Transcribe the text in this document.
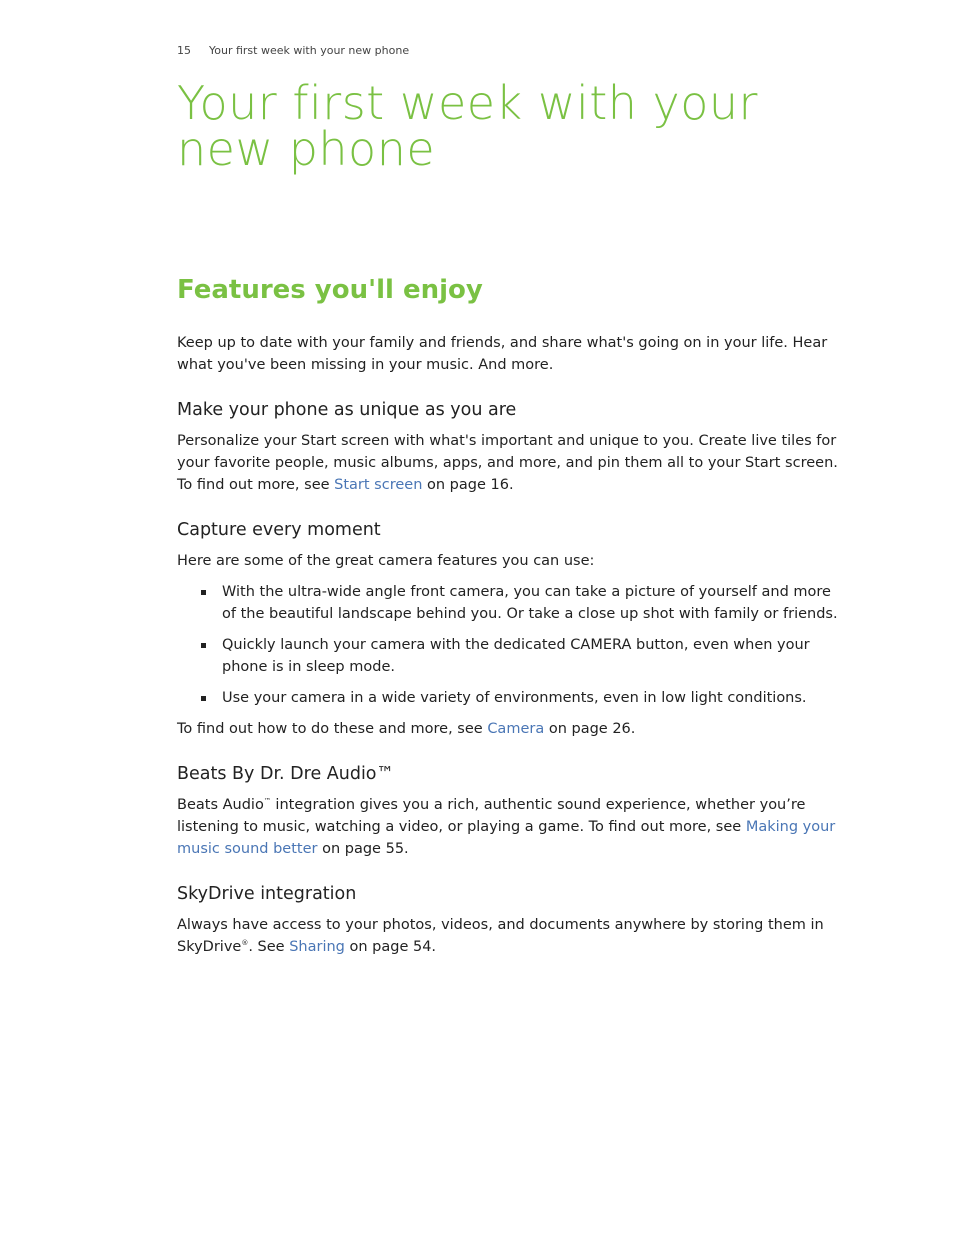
15 Your first week with your new phone
Your first week with your new phone
Features you'll enjoy

Keep up to date with your family and friends, and share what's going on in your life. Hear what you've been missing in your music. And more.

Make your phone as unique as you are

Personalize your Start screen with what's important and unique to you. Create live tiles for your favorite people, music albums, apps, and more, and pin them all to your Start screen. To find out more, see Start screen on page 16.

Capture every moment

Here are some of the great camera features you can use:

With the ultra-wide angle front camera, you can take a picture of yourself and more of the beautiful landscape behind you. Or take a close up shot with family or friends.
Quickly launch your camera with the dedicated CAMERA button, even when your phone is in sleep mode.
Use your camera in a wide variety of environments, even in low light conditions.

To find out how to do these and more, see Camera on page 26.

Beats By Dr. Dre Audio™

Beats Audio™ integration gives you a rich, authentic sound experience, whether you’re listening to music, watching a video, or playing a game. To find out more, see Making your music sound better on page 55.

SkyDrive integration

Always have access to your photos, videos, and documents anywhere by storing them in SkyDrive®. See Sharing on page 54.
